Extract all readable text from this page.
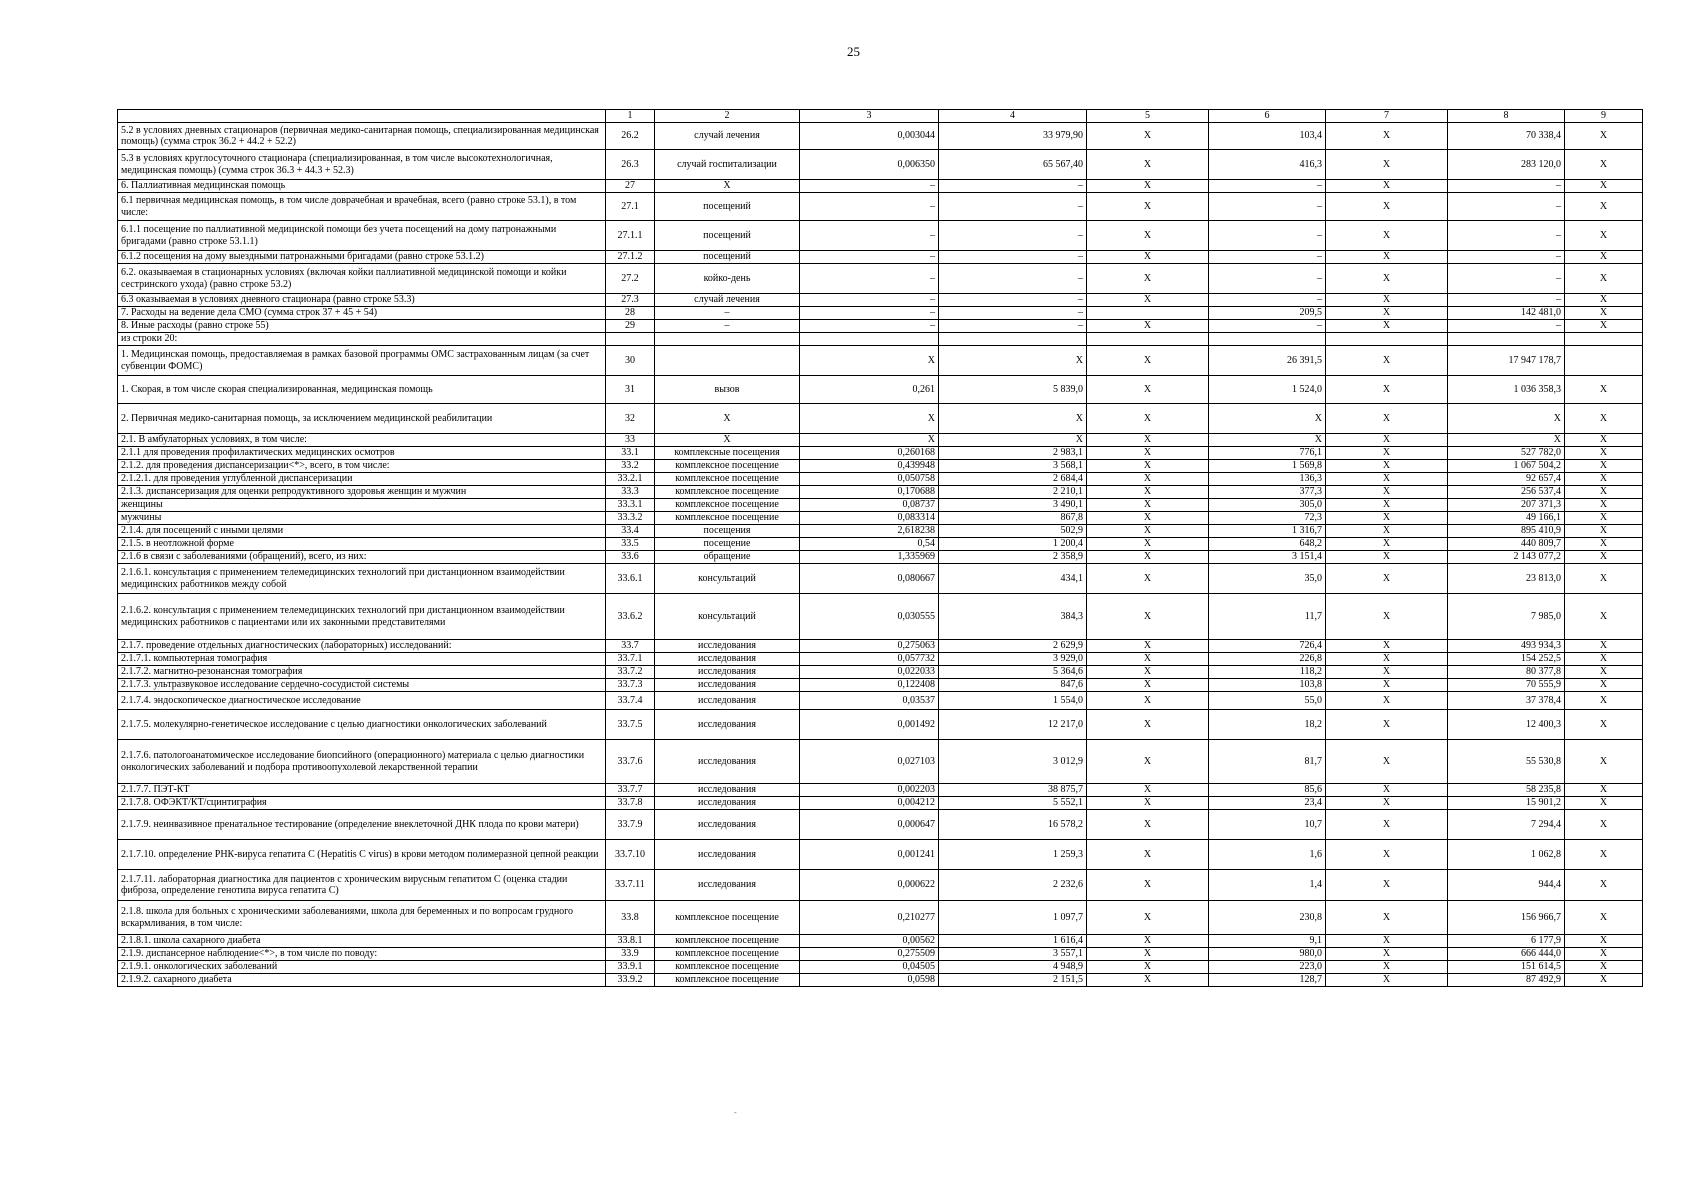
25
	1	2	3	4	5	6	7	8	9
5.2 в условиях дневных стационаров (первичная медико-санитарная помощь, специализированная медицинская помощь) (сумма строк 36.2 + 44.2 + 52.2)	26.2	случай лечения	0,003044	33 979,90	X	103,4	X	70 338,4	X
5.3 в условиях круглосуточного стационара (специализированная, в том числе высокотехнологичная, медицинская помощь) (сумма строк 36.3 + 44.3 + 52.3)	26.3	случай госпитализации	0,006350	65 567,40	X	416,3	X	283 120,0	X
6. Паллиативная медицинская помощь	27	X	–	–	X	–	X	–	X
6.1 первичная медицинская помощь, в том числе доврачебная и врачебная, всего (равно строке 53.1), в том числе:	27.1	посещений	–	–	X	–	X	–	X
6.1.1 посещение по паллиативной медицинской помощи без учета посещений на дому патронажными бригадами (равно строке 53.1.1)	27.1.1	посещений	–	–	X	–	X	–	X
6.1.2 посещения на дому выездными патронажными бригадами (равно строке 53.1.2)	27.1.2	посещений	–	–	X	–	X	–	X
6.2. оказываемая в стационарных условиях (включая койки паллиативной медицинской помощи и койки сестринского ухода) (равно строке 53.2)	27.2	койко-день	–	–	X	–	X	–	X
6.3 оказываемая в условиях дневного стационара (равно строке 53.3)	27.3	случай лечения	–	–	X	–	X	–	X
7. Расходы на ведение дела СМО (сумма строк 37 + 45 + 54)	28	–	–	–		209,5	X	142 481,0	X
8. Иные расходы (равно строке 55)	29	–	–	–	X	–	X	–	X
из строки 20:									
1. Медицинская помощь, предоставляемая в рамках базовой программы ОМС застрахованным лицам (за счет субвенции ФОМС)	30		X	X	X	26 391,5	X	17 947 178,7	
1. Скорая, в том числе скорая специализированная, медицинская помощь	31	вызов	0,261	5 839,0	X	1 524,0	X	1 036 358,3	X
2. Первичная медико-санитарная помощь, за исключением медицинской реабилитации	32	X	X	X	X	X	X	X	X
2.1. В амбулаторных условиях, в том числе:	33	X	X	X	X	X	X	X	X
2.1.1 для проведения профилактических медицинских осмотров	33.1	комплексные посещения	0,260168	2 983,1	X	776,1	X	527 782,0	X
2.1.2. для проведения диспансеризации<*>, всего, в том числе:	33.2	комплексное посещение	0,439948	3 568,1	X	1 569,8	X	1 067 504,2	X
2.1.2.1. для проведения углубленной диспансеризации	33.2.1	комплексное посещение	0,050758	2 684,4	X	136,3	X	92 657,4	X
2.1.3. диспансеризация для оценки репродуктивного здоровья женщин и мужчин	33.3	комплексное посещение	0,170688	2 210,1	X	377,3	X	256 537,4	X
женщины	33.3.1	комплексное посещение	0,08737	3 490,1	X	305,0	X	207 371,3	X
мужчины	33.3.2	комплексное посещение	0,083314	867,8	X	72,3	X	49 166,1	X
2.1.4. для посещений с иными целями	33.4	посещения	2,618238	502,9	X	1 316,7	X	895 410,9	X
2.1.5. в неотложной форме	33.5	посещение	0,54	1 200,4	X	648,2	X	440 809,7	X
2.1.6 в связи с заболеваниями (обращений), всего, из них:	33.6	обращение	1,335969	2 358,9	X	3 151,4	X	2 143 077,2	X
2.1.6.1. консультация с применением телемедицинских технологий при дистанционном взаимодействии медицинских работников между собой	33.6.1	консультаций	0,080667	434,1	X	35,0	X	23 813,0	X
2.1.6.2. консультация с применением телемедицинских технологий при дистанционном взаимодействии медицинских работников с пациентами или их законными представителями	33.6.2	консультаций	0,030555	384,3	X	11,7	X	7 985,0	X
2.1.7. проведение отдельных диагностических (лабораторных) исследований:	33.7	исследования	0,275063	2 629,9	X	726,4	X	493 934,3	X
2.1.7.1. компьютерная томография	33.7.1	исследования	0,057732	3 929,0	X	226,8	X	154 252,5	X
2.1.7.2. магнитно-резонансная томография	33.7.2	исследования	0,022033	5 364,6	X	118,2	X	80 377,8	X
2.1.7.3. ультразвуковое исследование сердечно-сосудистой системы	33.7.3	исследования	0,122408	847,6	X	103,8	X	70 555,9	X
2.1.7.4. эндоскопическое диагностическое исследование	33.7.4	исследования	0,03537	1 554,0	X	55,0	X	37 378,4	X
2.1.7.5. молекулярно-генетическое исследование с целью диагностики онкологических заболеваний	33.7.5	исследования	0,001492	12 217,0	X	18,2	X	12 400,3	X
2.1.7.6. патологоанатомическое исследование биопсийного (операционного) материала с целью диагностики онкологических заболеваний и подбора противоопухолевой лекарственной терапии	33.7.6	исследования	0,027103	3 012,9	X	81,7	X	55 530,8	X
2.1.7.7. ПЭТ-КТ	33.7.7	исследования	0,002203	38 875,7	X	85,6	X	58 235,8	X
2.1.7.8. ОФЭКТ/КТ/сцинтиграфия	33.7.8	исследования	0,004212	5 552,1	X	23,4	X	15 901,2	X
2.1.7.9. неинвазивное пренатальное тестирование (определение внеклеточной ДНК плода по крови матери)	33.7.9	исследования	0,000647	16 578,2	X	10,7	X	7 294,4	X
2.1.7.10. определение РНК-вируса гепатита С (Hepatitis C virus) в крови методом полимеразной цепной реакции	33.7.10	исследования	0,001241	1 259,3	X	1,6	X	1 062,8	X
2.1.7.11. лабораторная диагностика для пациентов с хроническим вирусным гепатитом С (оценка стадии фиброза, определение генотипа вируса гепатита С)	33.7.11	исследования	0,000622	2 232,6	X	1,4	X	944,4	X
2.1.8. школа для больных с хроническими заболеваниями, школа для беременных и по вопросам грудного вскармливания, в том числе:	33.8	комплексное посещение	0,210277	1 097,7	X	230,8	X	156 966,7	X
2.1.8.1. школа сахарного диабета	33.8.1	комплексное посещение	0,00562	1 616,4	X	9,1	X	6 177,9	X
2.1.9. диспансерное наблюдение<*>, в том числе по поводу:	33.9	комплексное посещение	0,275509	3 557,1	X	980,0	X	666 444,0	X
2.1.9.1. онкологических заболеваний	33.9.1	комплексное посещение	0,04505	4 948,9	X	223,0	X	151 614,5	X
2.1.9.2. сахарного диабета	33.9.2	комплексное посещение	0,0598	2 151,5	X	128,7	X	87 492,9	X
-
